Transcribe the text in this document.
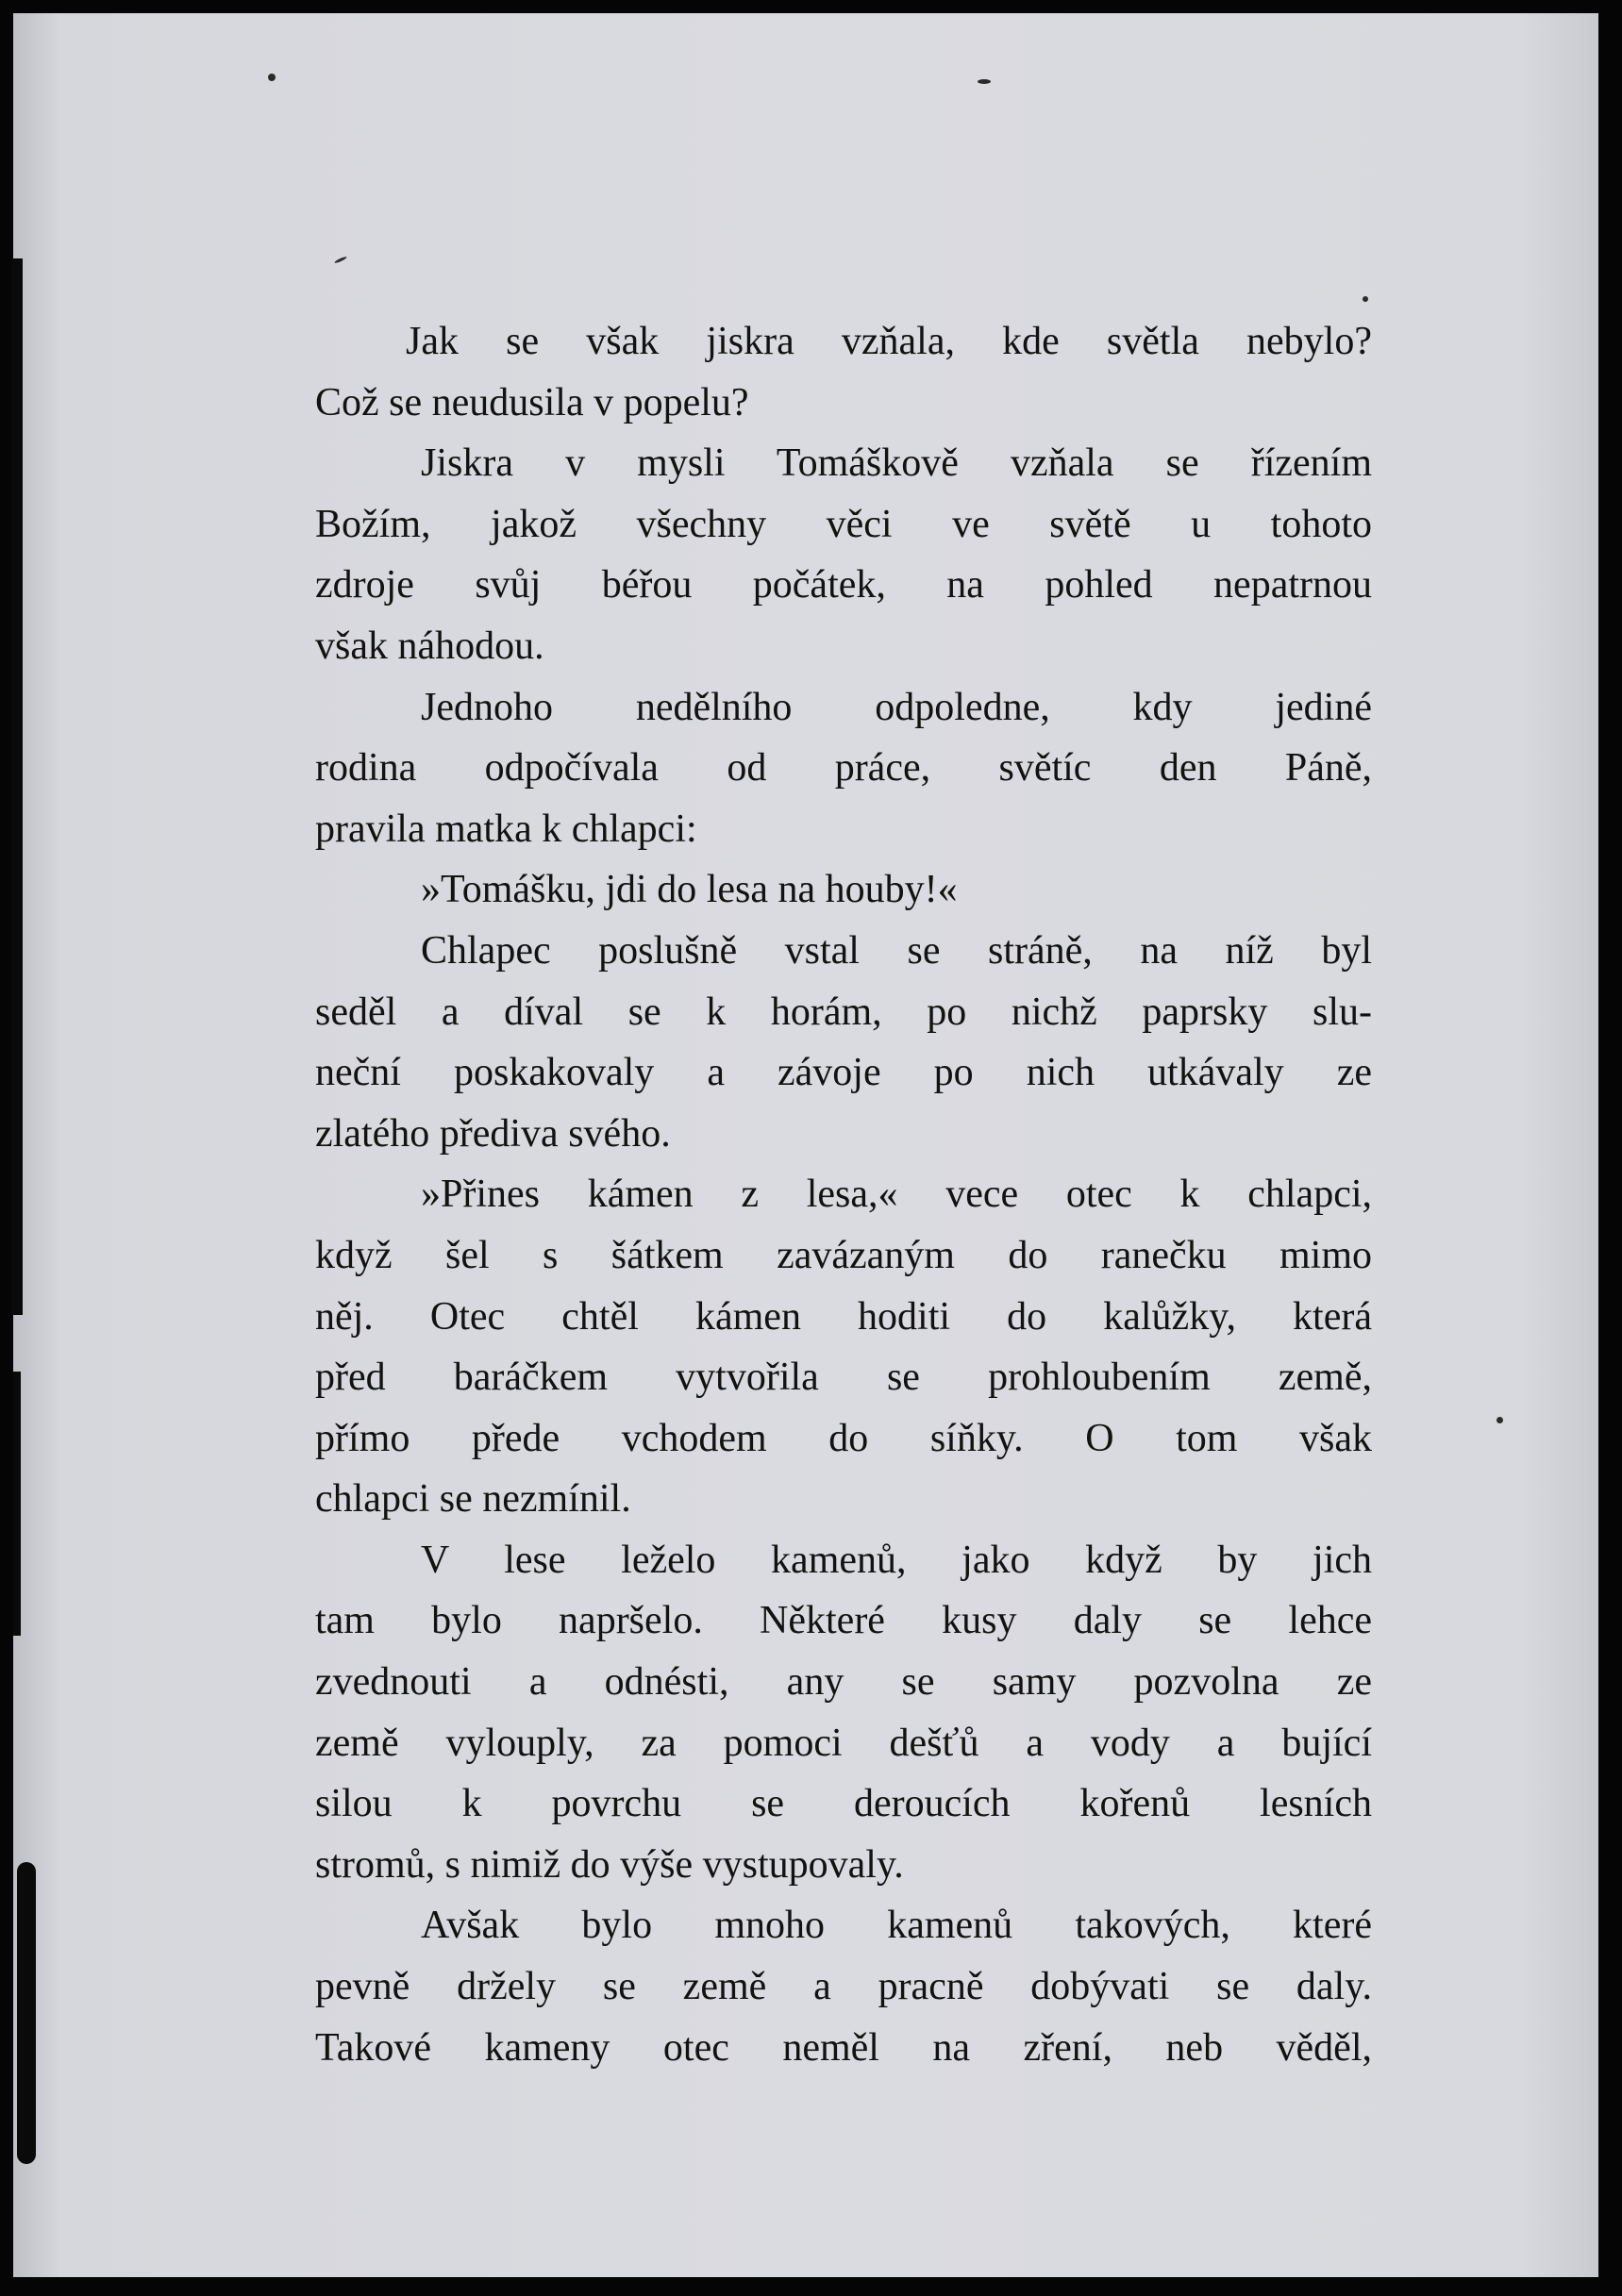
Jak se však jiskra vzňala, kde světla nebylo?
Což se neudusila v popelu?
Jiskra v mysli Tomáškově vzňala se řízením
Božím, jakož všechny věci ve světě u tohoto
zdroje svůj béřou počátek, na pohled nepatrnou
však náhodou.
Jednoho nedělního odpoledne, kdy jediné
rodina odpočívala od práce, světíc den Páně,
pravila matka k chlapci:
»Tomášku, jdi do lesa na houby!«
Chlapec poslušně vstal se stráně, na níž byl
seděl a díval se k horám, po nichž paprsky slu-
neční poskakovaly a závoje po nich utkávaly ze
zlatého přediva svého.
»Přines kámen z lesa,« vece otec k chlapci,
když šel s šátkem zavázaným do ranečku mimo
něj. Otec chtěl kámen hoditi do kalůžky, která
před baráčkem vytvořila se prohloubením země,
přímo přede vchodem do síňky. O tom však
chlapci se nezmínil.
V lese leželo kamenů, jako když by jich
tam bylo napršelo. Některé kusy daly se lehce
zvednouti a odnésti, any se samy pozvolna ze
země vylouply, za pomoci dešťů a vody a bující
silou k povrchu se deroucích kořenů lesních
stromů, s nimiž do výše vystupovaly.
Avšak bylo mnoho kamenů takových, které
pevně držely se země a pracně dobývati se daly.
Takové kameny otec neměl na zření, neb věděl,
